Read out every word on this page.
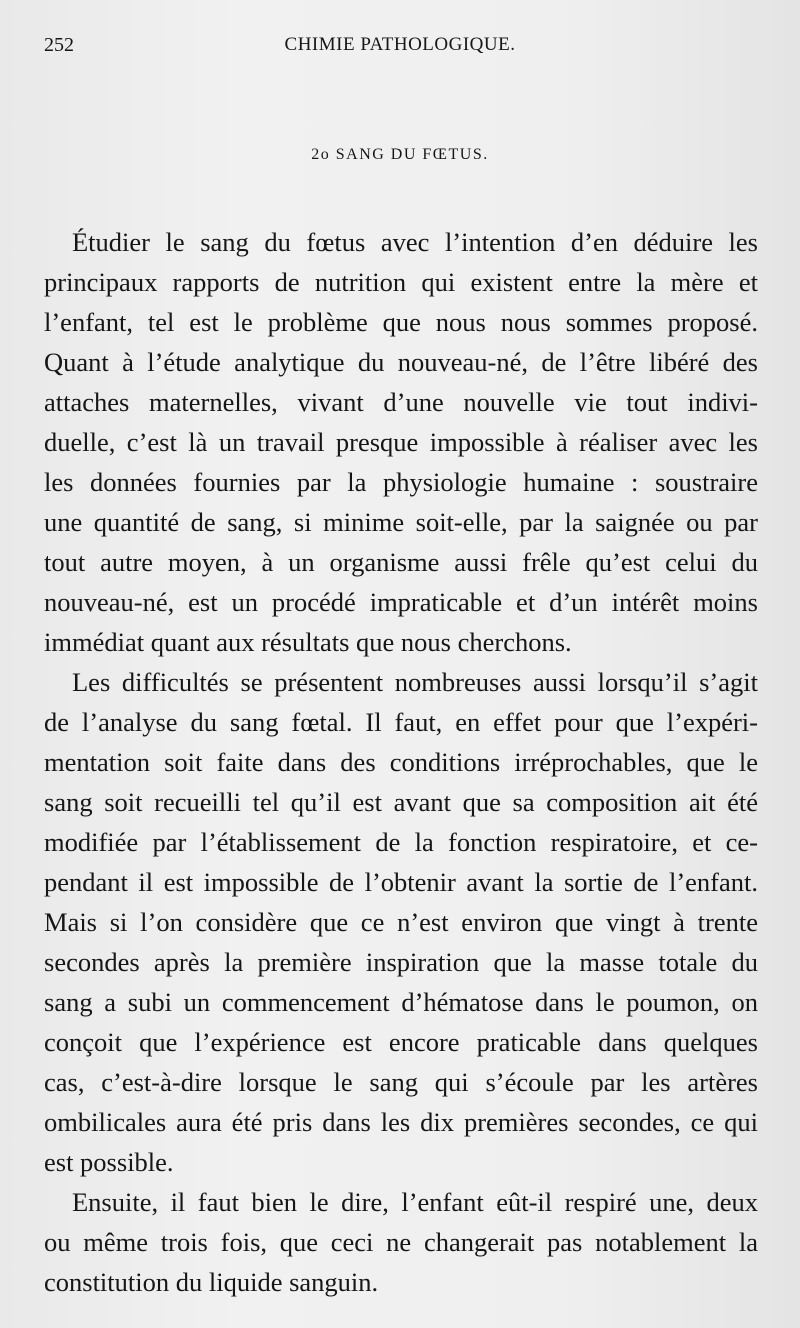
252	CHIMIE PATHOLOGIQUE.
2o SANG DU FŒTUS.

Étudier le sang du fœtus avec l’intention d’en déduire les
principaux rapports de nutrition qui existent entre la mère et
l’enfant, tel est le problème que nous nous sommes proposé.
Quant à l’étude analytique du nouveau-né, de l’être libéré des
attaches maternelles, vivant d’une nouvelle vie tout indivi-
duelle, c’est là un travail presque impossible à réaliser avec les
les données fournies par la physiologie humaine : soustraire
une quantité de sang, si minime soit-elle, par la saignée ou par
tout autre moyen, à un organisme aussi frêle qu’est celui du
nouveau-né, est un procédé impraticable et d’un intérêt moins
immédiat quant aux résultats que nous cherchons.

Les difficultés se présentent nombreuses aussi lorsqu’il s’agit
de l’analyse du sang fœtal. Il faut, en effet pour que l’expéri-
mentation soit faite dans des conditions irréprochables, que le
sang soit recueilli tel qu’il est avant que sa composition ait été
modifiée par l’établissement de la fonction respiratoire, et ce-
pendant il est impossible de l’obtenir avant la sortie de l’enfant.
Mais si l’on considère que ce n’est environ que vingt à trente
secondes après la première inspiration que la masse totale du
sang a subi un commencement d’hématose dans le poumon, on
conçoit que l’expérience est encore praticable dans quelques
cas, c’est-à-dire lorsque le sang qui s’écoule par les artères
ombilicales aura été pris dans les dix premières secondes, ce qui
est possible.

Ensuite, il faut bien le dire, l’enfant eût-il respiré une, deux
ou même trois fois, que ceci ne changerait pas notablement la
constitution du liquide sanguin.
